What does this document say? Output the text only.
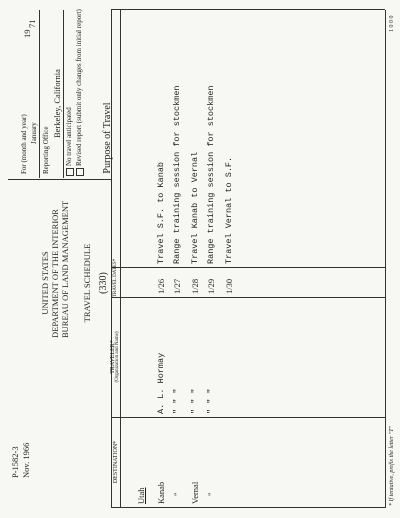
P-1582-3 Nov. 1966
UNITED STATES DEPARTMENT OF THE INTERIOR BUREAU OF LAND MANAGEMENT TRAVEL SCHEDULE (330)
For (month and year)
19
71
January Reporting Office
Berkeley, California No travel anticipated Revised report (submit only changes from initial report)
DESTINATION*
TRAVELER* (Organization and Name)
TRAVEL DATES*
Purpose of Travel
Utah Kanab
A. L. Hormay
1/26
Travel S.F. to Kanab
"
" " "
1/27
Range training session for stockmen
Vernal
" " "
1/28
Travel Kanab to Vernal
"
" " "
1/29
Range training session for stockmen
1/30
Travel Vernal to S.F.
* If tentative, prefix the letter "T"
1 0 0 0
